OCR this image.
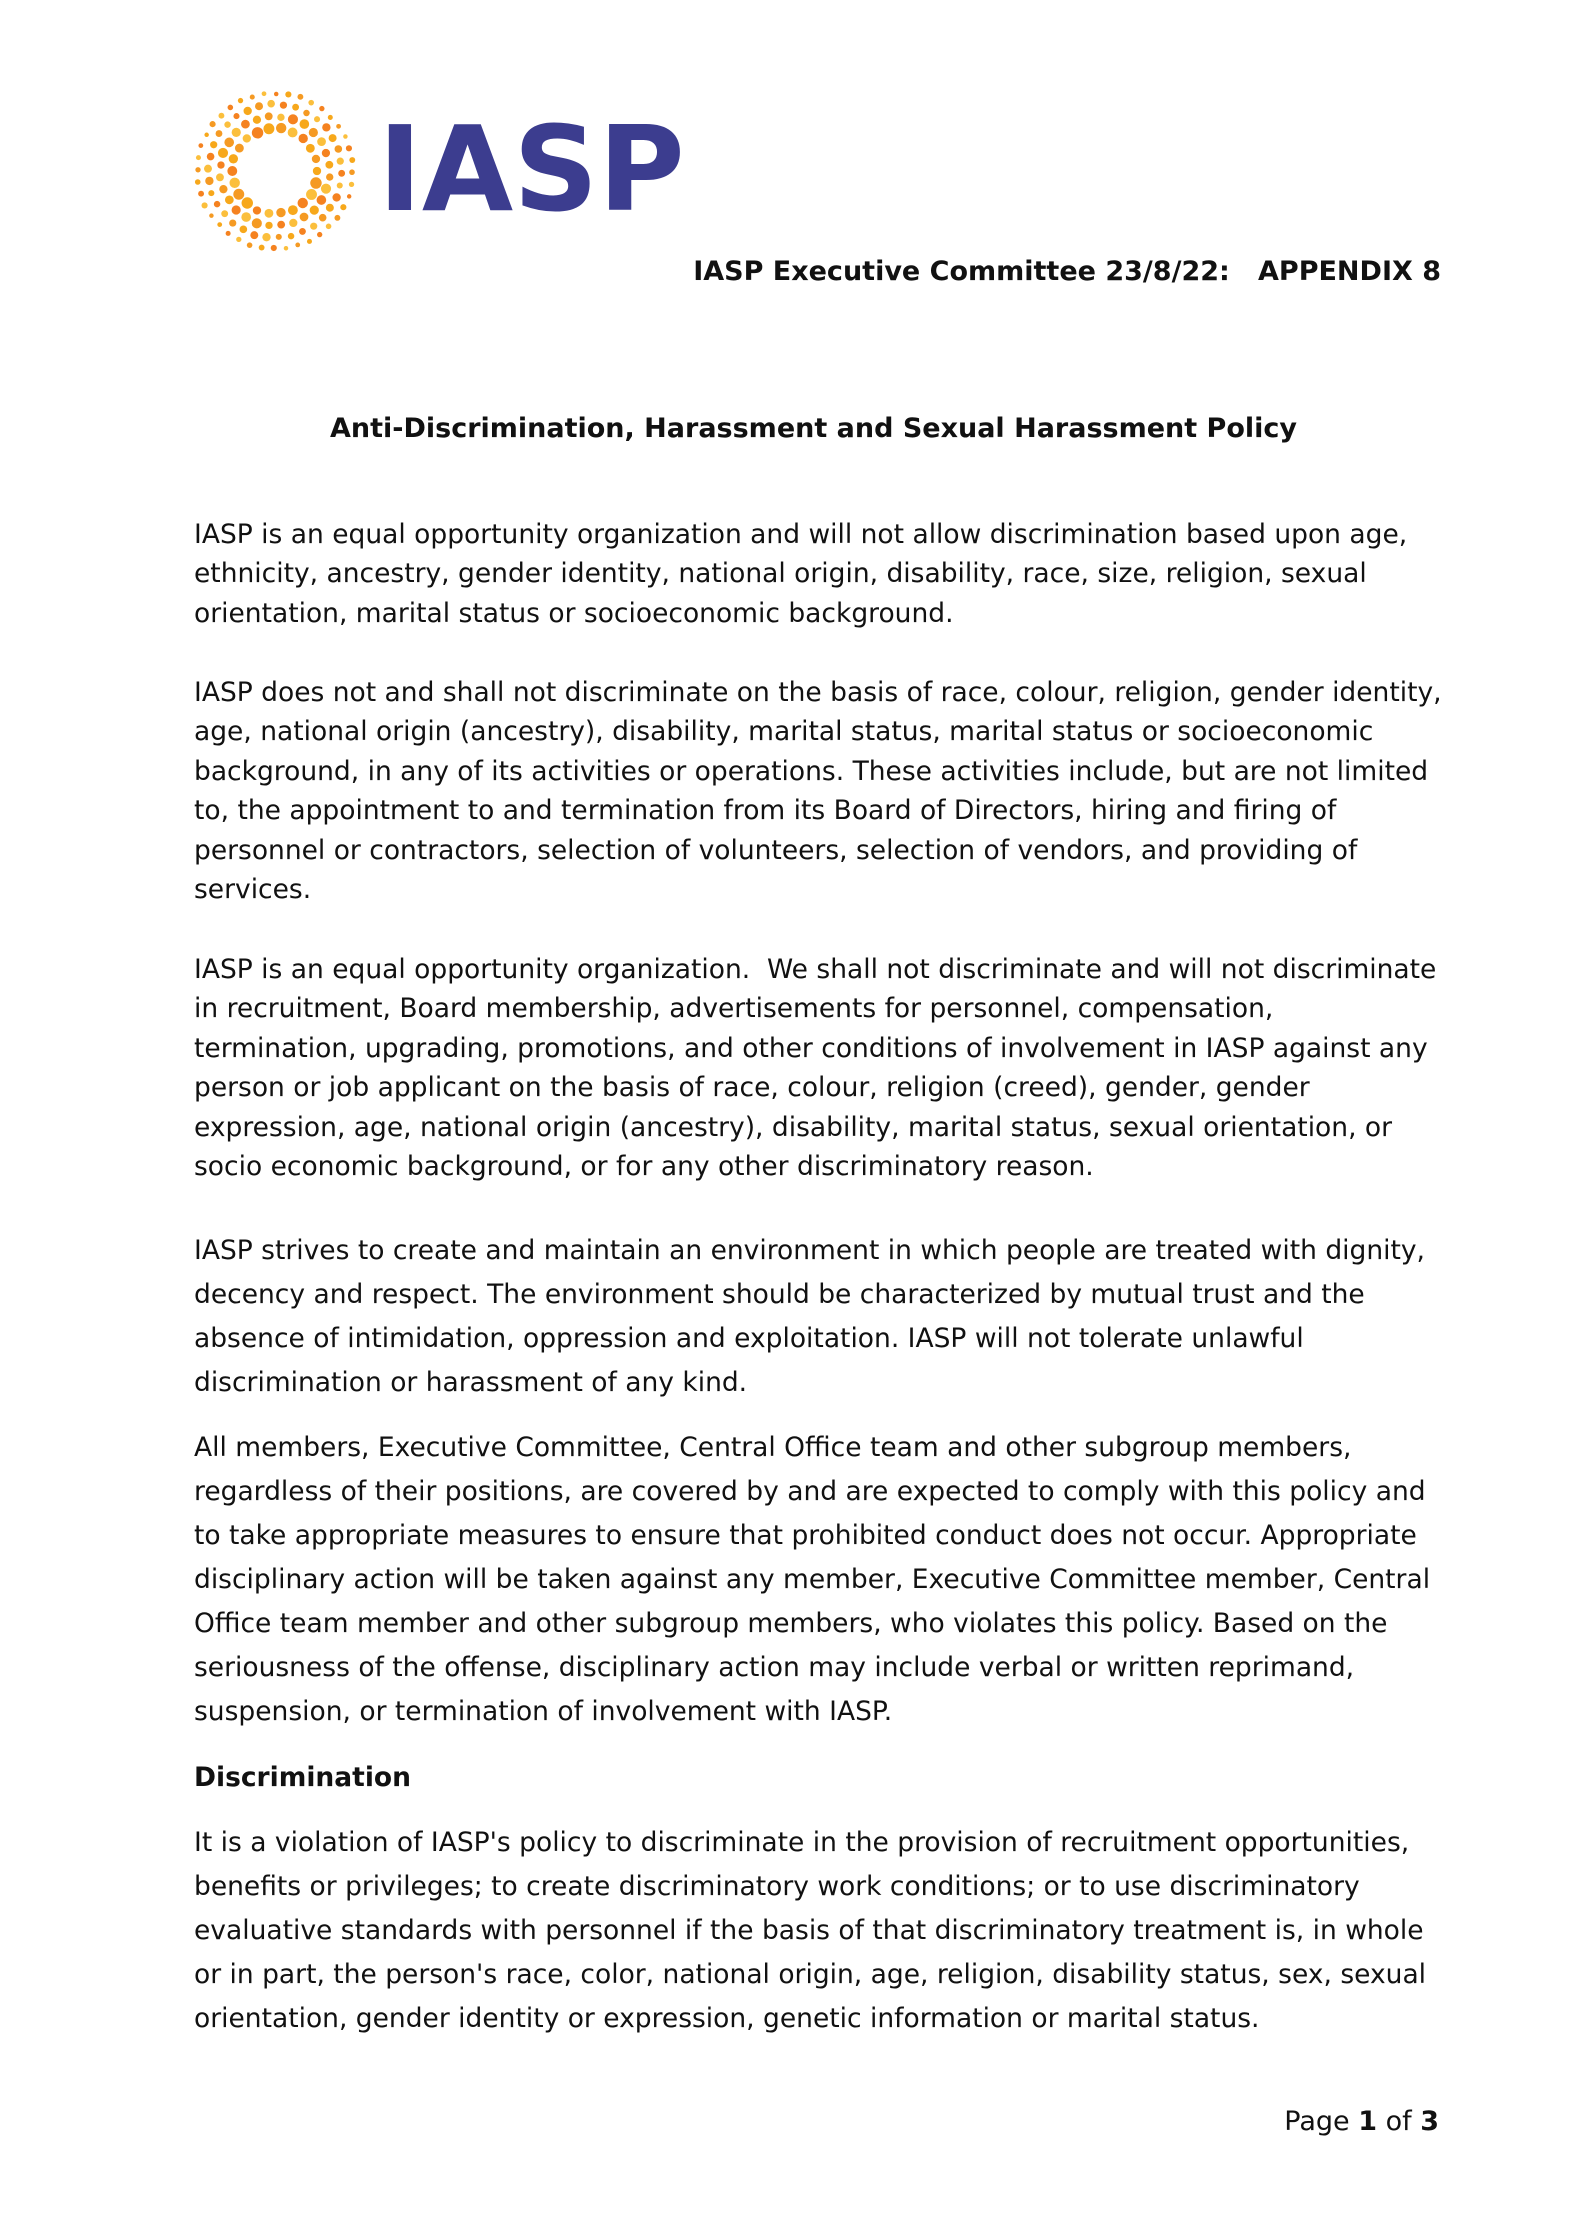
IASP
IASP Executive Committee 23/8/22:   APPENDIX 8
Anti-Discrimination, Harassment and Sexual Harassment Policy

IASP is an equal opportunity organization and will not allow discrimination based upon age,

ethnicity, ancestry, gender identity, national origin, disability, race, size, religion, sexual

orientation, marital status or socioeconomic background.

IASP does not and shall not discriminate on the basis of race, colour, religion, gender identity,

age, national origin (ancestry), disability, marital status, marital status or socioeconomic

background, in any of its activities or operations. These activities include, but are not limited

to, the appointment to and termination from its Board of Directors, hiring and firing of

personnel or contractors, selection of volunteers, selection of vendors, and providing of

services.

IASP is an equal opportunity organization.  We shall not discriminate and will not discriminate

in recruitment, Board membership, advertisements for personnel, compensation,

termination, upgrading, promotions, and other conditions of involvement in IASP against any

person or job applicant on the basis of race, colour, religion (creed), gender, gender

expression, age, national origin (ancestry), disability, marital status, sexual orientation, or

socio economic background, or for any other discriminatory reason.

IASP strives to create and maintain an environment in which people are treated with dignity,

decency and respect. The environment should be characterized by mutual trust and the

absence of intimidation, oppression and exploitation. IASP will not tolerate unlawful

discrimination or harassment of any kind.

All members, Executive Committee, Central Office team and other subgroup members,

regardless of their positions, are covered by and are expected to comply with this policy and

to take appropriate measures to ensure that prohibited conduct does not occur. Appropriate

disciplinary action will be taken against any member, Executive Committee member, Central

Office team member and other subgroup members, who violates this policy. Based on the

seriousness of the offense, disciplinary action may include verbal or written reprimand,

suspension, or termination of involvement with IASP.

Discrimination

It is a violation of IASP's policy to discriminate in the provision of recruitment opportunities,

benefits or privileges; to create discriminatory work conditions; or to use discriminatory

evaluative standards with personnel if the basis of that discriminatory treatment is, in whole

or in part, the person's race, color, national origin, age, religion, disability status, sex, sexual

orientation, gender identity or expression, genetic information or marital status.

Page 1 of 3
